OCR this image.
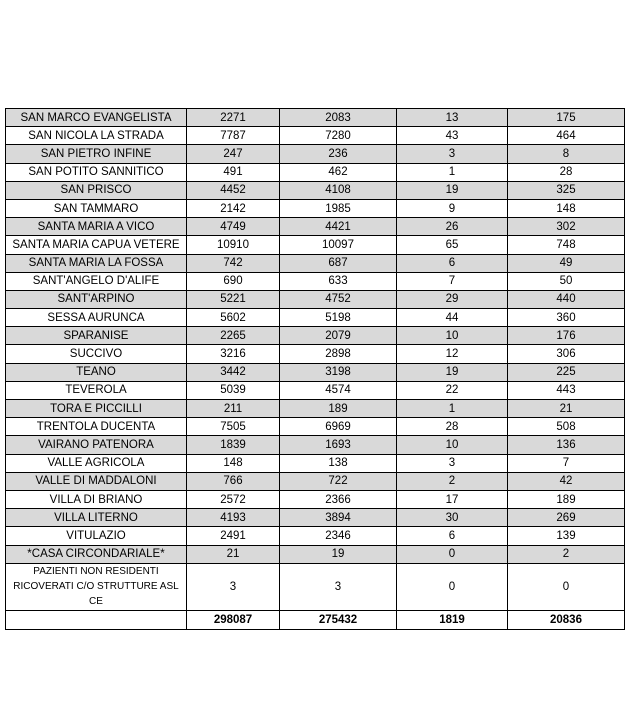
SAN MARCO EVANGELISTA	2271	2083	13	175
SAN NICOLA LA STRADA	7787	7280	43	464
SAN PIETRO INFINE	247	236	3	8
SAN POTITO SANNITICO	491	462	1	28
SAN PRISCO	4452	4108	19	325
SAN TAMMARO	2142	1985	9	148
SANTA MARIA A VICO	4749	4421	26	302
SANTA MARIA CAPUA VETERE	10910	10097	65	748
SANTA MARIA LA FOSSA	742	687	6	49
SANT'ANGELO D'ALIFE	690	633	7	50
SANT'ARPINO	5221	4752	29	440
SESSA AURUNCA	5602	5198	44	360
SPARANISE	2265	2079	10	176
SUCCIVO	3216	2898	12	306
TEANO	3442	3198	19	225
TEVEROLA	5039	4574	22	443
TORA E PICCILLI	211	189	1	21
TRENTOLA DUCENTA	7505	6969	28	508
VAIRANO PATENORA	1839	1693	10	136
VALLE AGRICOLA	148	138	3	7
VALLE DI MADDALONI	766	722	2	42
VILLA DI BRIANO	2572	2366	17	189
VILLA LITERNO	4193	3894	30	269
VITULAZIO	2491	2346	6	139
*CASA CIRCONDARIALE*	21	19	0	2
PAZIENTI NON RESIDENTI RICOVERATI C/O STRUTTURE ASL CE	3	3	0	0
	298087	275432	1819	20836
